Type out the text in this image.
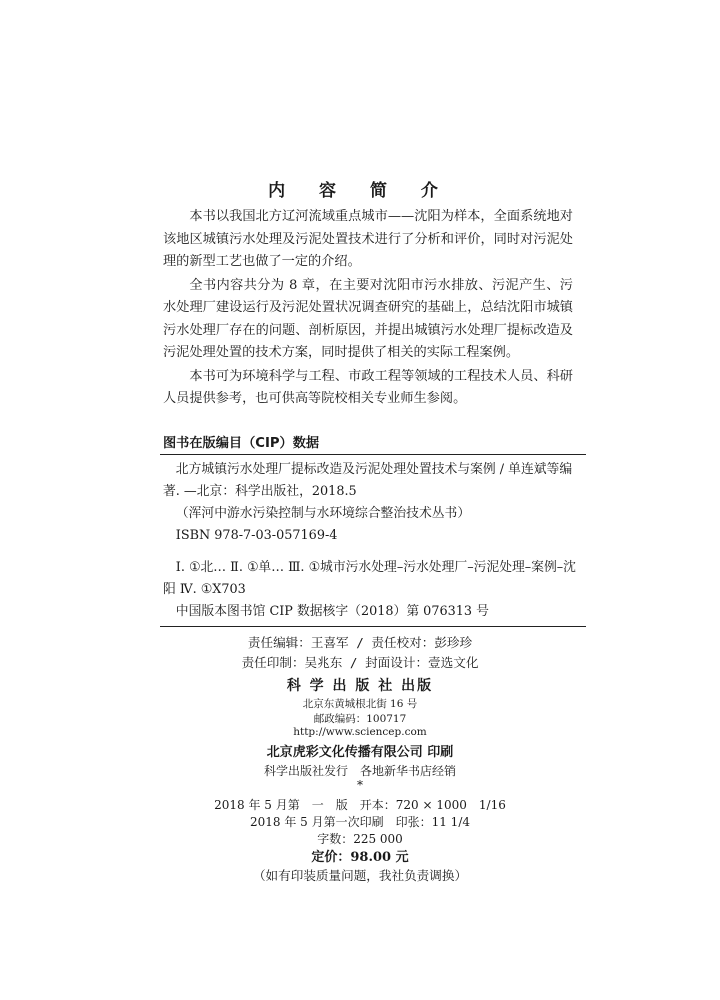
内 容 简 介

本书以我国北方辽河流域重点城市——沈阳为样本，全面系统地对该地区城镇污水处理及污泥处置技术进行了分析和评价，同时对污泥处理的新型工艺也做了一定的介绍。

全书内容共分为 8 章，在主要对沈阳市污水排放、污泥产生、污水处理厂建设运行及污泥处置状况调查研究的基础上，总结沈阳市城镇污水处理厂存在的问题、剖析原因，并提出城镇污水处理厂提标改造及污泥处理处置的技术方案，同时提供了相关的实际工程案例。

本书可为环境科学与工程、市政工程等领域的工程技术人员、科研人员提供参考，也可供高等院校相关专业师生参阅。

图书在版编目（CIP）数据

北方城镇污水处理厂提标改造及污泥处理处置技术与案例 / 单连斌等编著. —北京：科学出版社，2018.5

（浑河中游水污染控制与水环境综合整治技术丛书）

ISBN 978-7-03-057169-4

Ⅰ. ①北… Ⅱ. ①单… Ⅲ. ①城市污水处理–污水处理厂–污泥处理–案例–沈阳 Ⅳ. ①X703

中国版本图书馆 CIP 数据核字（2018）第 076313 号

责任编辑：王喜军 / 责任校对：彭珍珍
责任印制：吴兆东 / 封面设计：壹选文化
科 学 出 版 社 出版
北京东黄城根北街 16 号
邮政编码：100717
http://www.sciencep.com
北京虎彩文化传播有限公司 印刷
科学出版社发行　各地新华书店经销
*
2018 年 5 月第　一　版　开本：720 × 1000　1/16
2018 年 5 月第一次印刷　印张：11 1/4
字数：225 000
定价：98.00 元
（如有印装质量问题，我社负责调换）
